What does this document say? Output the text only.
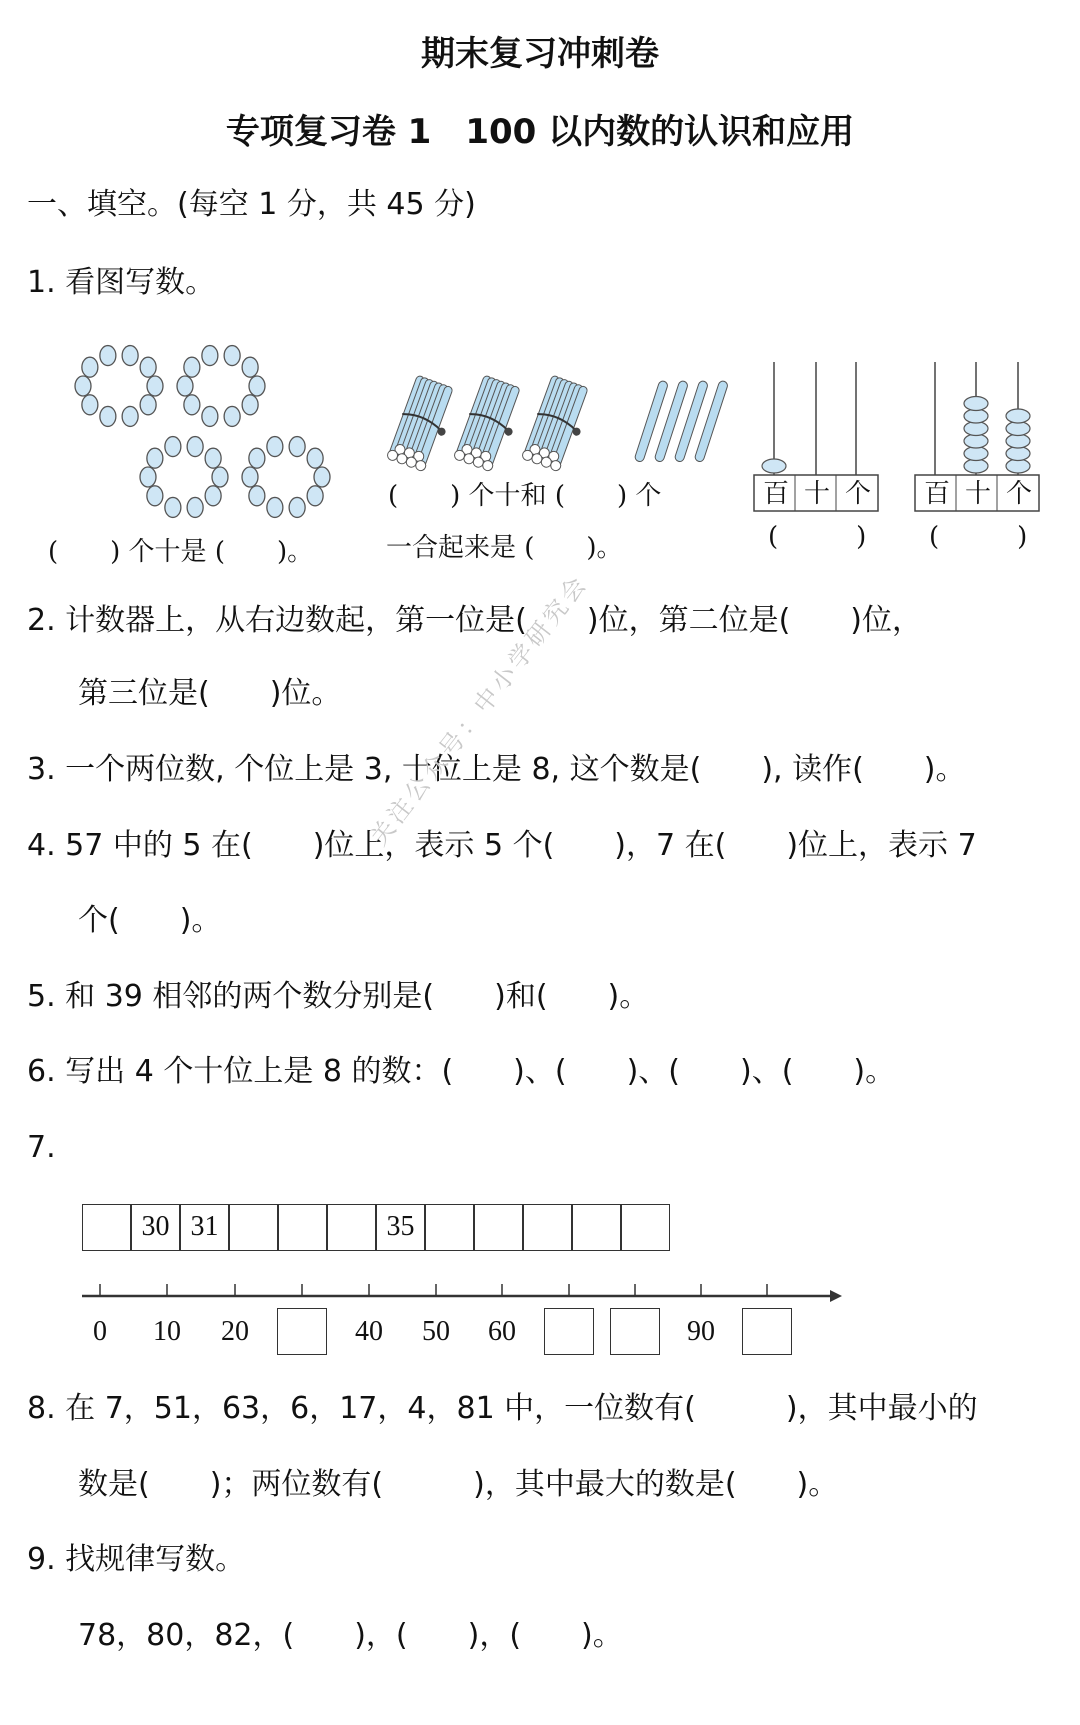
期末复习冲刺卷
专项复习卷 1　100 以内数的认识和应用
一、填空。(每空 1 分，共 45 分)
1. 看图写数。
(　　) 个十是 (　　)。
(　　) 个十和 (　　) 个
一合起来是 (　　)。	(　　　) (　　　)
百 十 个 百 十 个
2. 计数器上，从右边数起，第一位是(　　)位，第二位是(　　)位，
第三位是(　　)位。
3. 一个两位数, 个位上是 3, 十位上是 8, 这个数是(　　), 读作(　　)。
4. 57 中的 5 在(　　)位上，表示 5 个(　　)，7 在(　　)位上，表示 7
个(　　)。
5. 和 39 相邻的两个数分别是(　　)和(　　)。
6. 写出 4 个十位上是 8 的数：(　　)、(　　)、(　　)、(　　)。
7.
30 31	35
0	10	20	40	50	60	90
8. 在 7，51，63，6，17，4，81 中，一位数有(　　　)，其中最小的
数是(　　)；两位数有(　　　)，其中最大的数是(　　)。
9. 找规律写数。
78，80，82，(　　)，(　　)，(　　)。
关注公众号：中小学研究会
